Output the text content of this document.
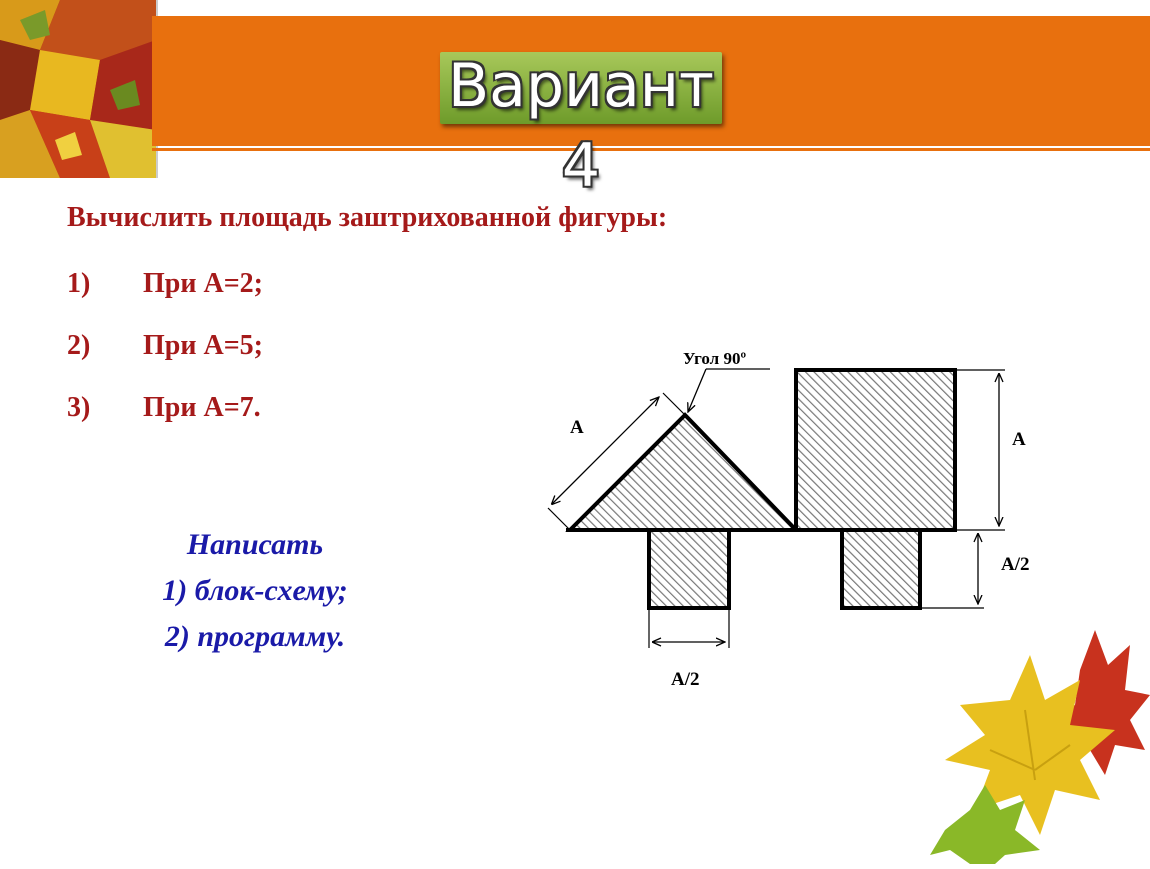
Вариант 4
Вычислить площадь заштрихованной фигуры:
1) При А=2;
2) При А=5;
3) При А=7.
Написать
1) блок-схему;
2) программу.
Угол 90º
А
А
А/2
А/2
